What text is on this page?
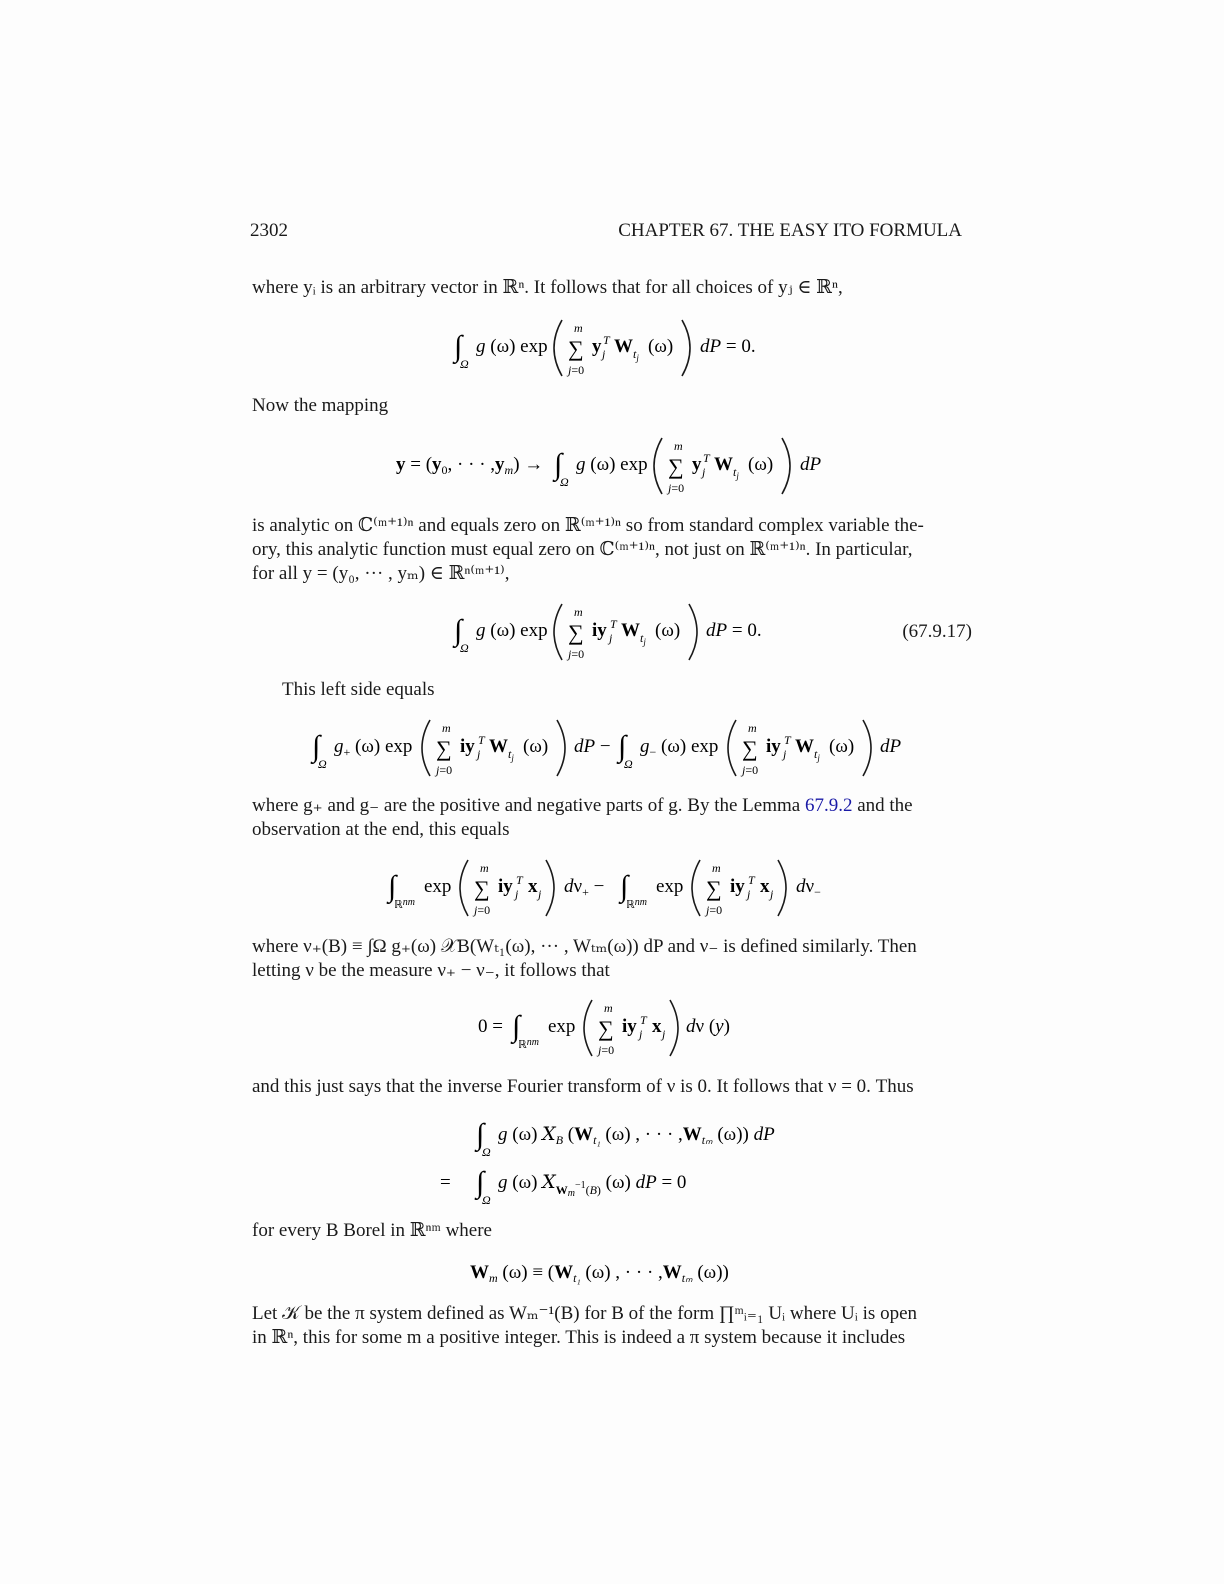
2302	CHAPTER 67. THE EASY ITO FORMULA
where yᵢ is an arbitrary vector in ℝⁿ. It follows that for all choices of yⱼ ∈ ℝⁿ,
∫
Ω
g (ω) exp
m
∑
j=0
y T
j W $t_j$
(ω) dP = 0.
Now the mapping
$y = (y_0$, · · · $,y_m$) → ∫
Ω
g (ω) exp
m
∑
j=0
y T
j W $t_j$
(ω) dP
is analytic on ℂ⁽ᵐ⁺¹⁾ⁿ and equals zero on ℝ⁽ᵐ⁺¹⁾ⁿ so from standard complex variable the-
ory, this analytic function must equal zero on ℂ⁽ᵐ⁺¹⁾ⁿ, not just on ℝ⁽ᵐ⁺¹⁾ⁿ. In particular,
for all y = (y₀, ··· , yₘ) ∈ ℝⁿ⁽ᵐ⁺¹⁾,
∫
Ω
g (ω) exp
m
∑
j=0
iy T
j W $t_j$
(ω) dP = 0.	(67.9.17)
This left side equals
∫
Ω
$g_+$ (ω) exp
m
∑
j=0
iy T
j W $t_j$
(ω) dP − ∫
Ω
$g_-$ (ω) exp
m
∑
j=0
iy T
j W $t_j$
(ω) dP
where g₊ and g₋ are the positive and negative parts of g. By the Lemma 67.9.2 and the
observation at the end, this equals
∫
ℝnm
exp
m
∑
j=0
iy T
j x j $d\nu_+$ − ∫
ℝnm
exp
m
∑
j=0
iy T
j x j $d\nu_-$
where ν₊(B) ≡ ∫Ω g₊(ω) 𝒳B(Wₜ₁(ω), ··· , Wₜₘ(ω)) dP and ν₋ is defined similarly. Then
letting ν be the measure ν₊ − ν₋, it follows that
0 = ∫
ℝnm
exp
m
∑
j=0
iy T
j x j dν (y)
and this just says that the inverse Fourier transform of ν is 0. It follows that ν = 0. Thus
∫
Ω
g (ω) $X_B$ ($W_{t_1}$ (ω) , · · · $,W_{t_m}$ (ω)) dP
= ∫
Ω
g (ω) $X_Wm^{-1}_(B$) (ω) dP = 0
for every B Borel in ℝⁿᵐ where
$W_m$ $(\omega) \equiv (W_{t_1}$ (ω) , · · · $,W_{t_m}$ (ω))
Let 𝒦 be the π system defined as Wₘ⁻¹(B) for B of the form ∏ᵐᵢ₌₁ Uᵢ where Uᵢ is open
in ℝⁿ, this for some m a positive integer. This is indeed a π system because it includes
